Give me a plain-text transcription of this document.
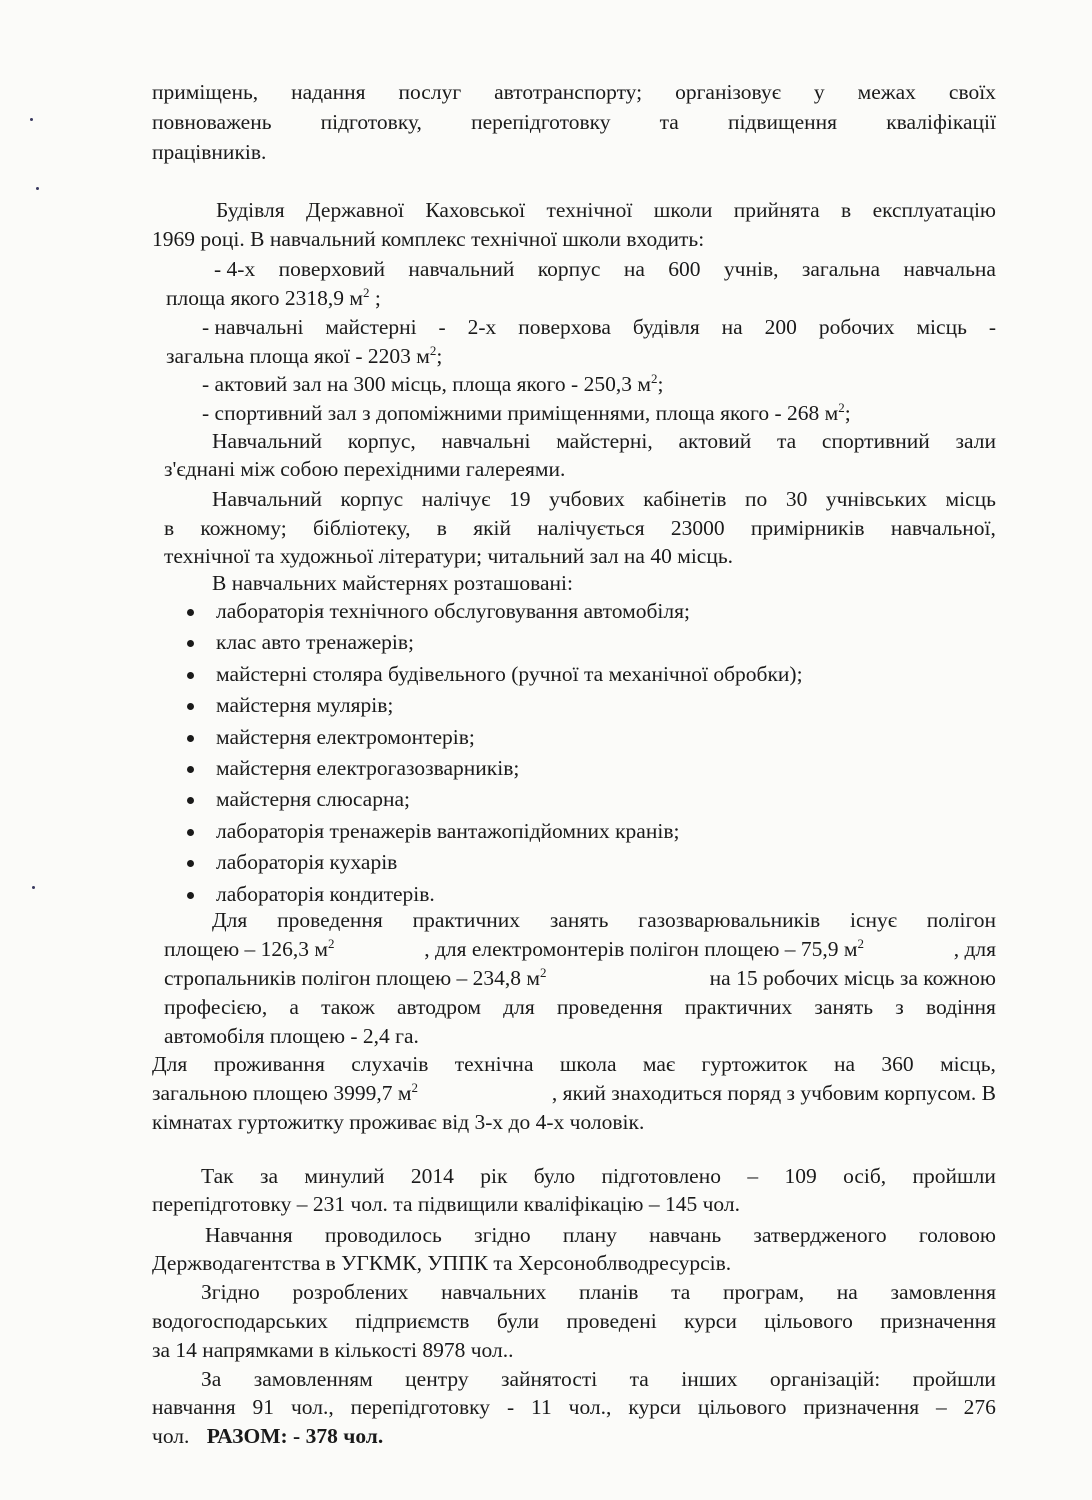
приміщень, надання послуг автотранспорту; організовує у межах своїх
повноважень підготовку, перепідготовку та підвищення кваліфікації
працівників.
Будівля Державної Каховської технічної школи прийнята в експлуатацію
1969 році. В навчальний комплекс технічної школи входить:
- 4-х поверховий навчальний корпус на 600 учнів, загальна навчальна
площа якого 2318,9 $м^2$ ;
- навчальні майстерні - 2-х поверхова будівля на 200 робочих місць -
загальна площа якої - 2203 $м^2$;
- актовий зал на 300 місць, площа якого - 250,3 $м^2$;
- спортивний зал з допоміжними приміщеннями, площа якого - 268 $м^2$;
Навчальний корпус, навчальні майстерні, актовий та спортивний зали
з'єднані між собою перехідними галереями.
Навчальний корпус налічує 19 учбових кабінетів по 30 учнівських місць
в кожному; бібліотеку, в якій налічується 23000 примірників навчальної,
технічної та художньої літератури; читальний зал на 40 місць.
В навчальних майстернях розташовані:
лабораторія технічного обслуговування автомобіля;
клас авто тренажерів;
майстерні столяра будівельного (ручної та механічної обробки);
майстерня мулярів;
майстерня електромонтерів;
майстерня електрогазозварників;
майстерня слюсарна;
лабораторія тренажерів вантажопідйомних кранів;
лабораторія кухарів
лабораторія кондитерів.
Для проведення практичних занять газозварювальників існує полігон
площею – 126,3 $м^2$	, для електромонтерів полігон площею – 75,9 $м^2$	, для
стропальників полігон площею – 234,8 $м^2$	на 15 робочих місць за кожною
професією, а також автодром для проведення практичних занять з водіння
автомобіля площею - 2,4 га.
Для проживання слухачів технічна школа має гуртожиток на 360 місць,
загальною площею 3999,7 $м^2$	, який знаходиться поряд з учбовим корпусом. В
кімнатах гуртожитку проживає від 3-х до 4-х чоловік.
Так за минулий 2014 рік було підготовлено – 109 осіб, пройшли
перепідготовку – 231 чол. та підвищили кваліфікацію – 145 чол.
Навчання проводилось згідно плану навчань затвердженого головою
Держводагентства в УГКМК, УППК та Херсоноблводресурсів.
Згідно розроблених навчальних планів та програм, на замовлення
водогосподарських підприємств були проведені курси цільового призначення
за 14 напрямками в кількості 8978 чол..
За замовленням центру зайнятості та інших організацій: пройшли
навчання 91 чол., перепідготовку - 11 чол., курси цільового призначення – 276
чол. РАЗОМ: - 378 чол.
